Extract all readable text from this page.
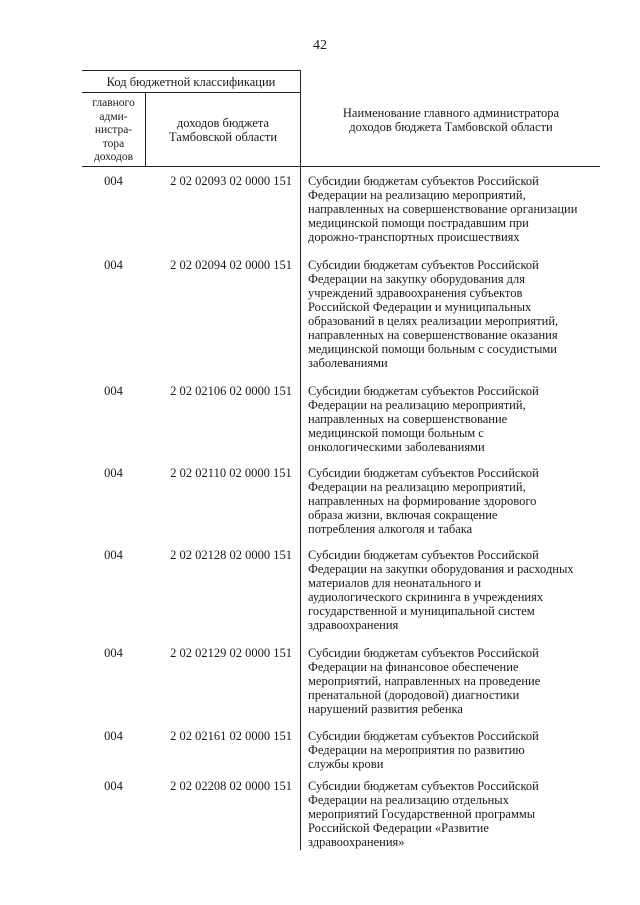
42
Код бюджетной классификации
главного
адми-
нистра-
тора
доходов
доходов бюджета
Тамбовской области
Наименование главного администратора
доходов бюджета Тамбовской области
004	2 02 02093 02 0000 151	Субсидии бюджетам субъектов Российской
Федерации на реализацию мероприятий,
направленных на совершенствование организации
медицинской помощи пострадавшим при
дорожно-транспортных происшествиях
004	2 02 02094 02 0000 151	Субсидии бюджетам субъектов Российской
Федерации на закупку оборудования для
учреждений здравоохранения субъектов
Российской Федерации и муниципальных
образований в целях реализации мероприятий,
направленных на совершенствование оказания
медицинской помощи больным с сосудистыми
заболеваниями
004	2 02 02106 02 0000 151	Субсидии бюджетам субъектов Российской
Федерации на реализацию мероприятий,
направленных на совершенствование
медицинской помощи больным с
онкологическими заболеваниями
004	2 02 02110 02 0000 151	Субсидии бюджетам субъектов Российской
Федерации на реализацию мероприятий,
направленных на формирование здорового
образа жизни, включая сокращение
потребления алкоголя и табака
004	2 02 02128 02 0000 151	Субсидии бюджетам субъектов Российской
Федерации на закупки оборудования и расходных
материалов для неонатального и
аудиологического скрининга в учреждениях
государственной и муниципальной систем
здравоохранения
004	2 02 02129 02 0000 151	Субсидии бюджетам субъектов Российской
Федерации на финансовое обеспечение
мероприятий, направленных на проведение
пренатальной (дородовой) диагностики
нарушений развития ребенка
004	2 02 02161 02 0000 151	Субсидии бюджетам субъектов Российской
Федерации на мероприятия по развитию
службы крови
004	2 02 02208 02 0000 151	Субсидии бюджетам субъектов Российской
Федерации на реализацию отдельных
мероприятий Государственной программы
Российской Федерации «Развитие
здравоохранения»
